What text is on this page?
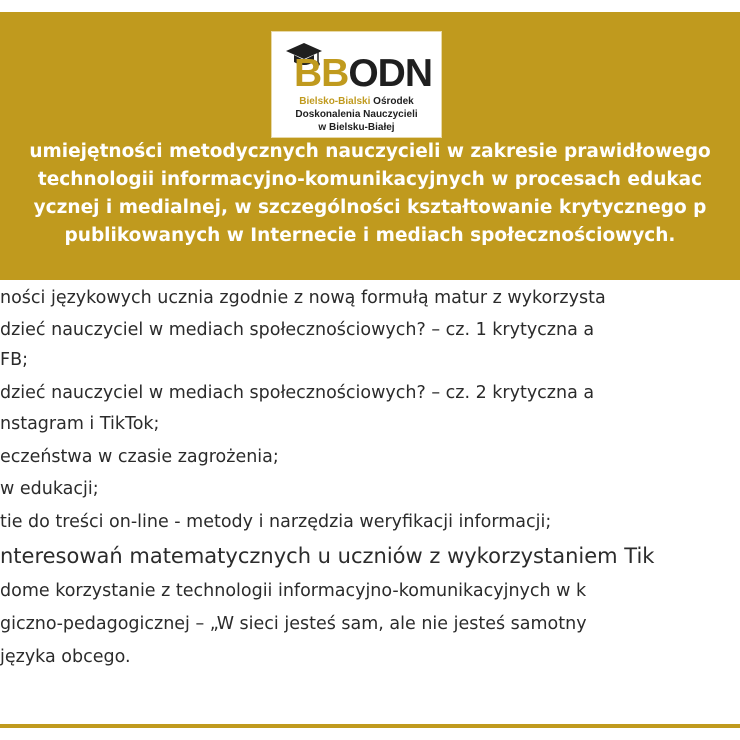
BBODN
Bielsko-Bialski Ośrodek
Doskonalenia Nauczycieli
w Bielsku-Białej
umiejętności metodycznych nauczycieli w zakresie prawidłowego
technologii informacyjno-komunikacyjnych w procesach edukac
ycznej i medialnej, w szczególności kształtowanie krytycznego p
publikowanych w Internecie i mediach społecznościowych.
ności językowych ucznia zgodnie z nową formułą matur z wykorzysta
dzieć nauczyciel w mediach społecznościowych? – cz. 1 krytyczna a
FB;
dzieć nauczyciel w mediach społecznościowych? – cz. 2 krytyczna a
nstagram i TikTok;
eczeństwa w czasie zagrożenia;
w edukacji;
tie do treści on-line - metody i narzędzia weryfikacji informacji;
nteresowań matematycznych u uczniów z wykorzystaniem Tik
dome korzystanie z technologii informacyjno-komunikacyjnych w k
gicznо-pedagogicznej – „W sieci jesteś sam, ale nie jesteś samotny
języka obcego.
